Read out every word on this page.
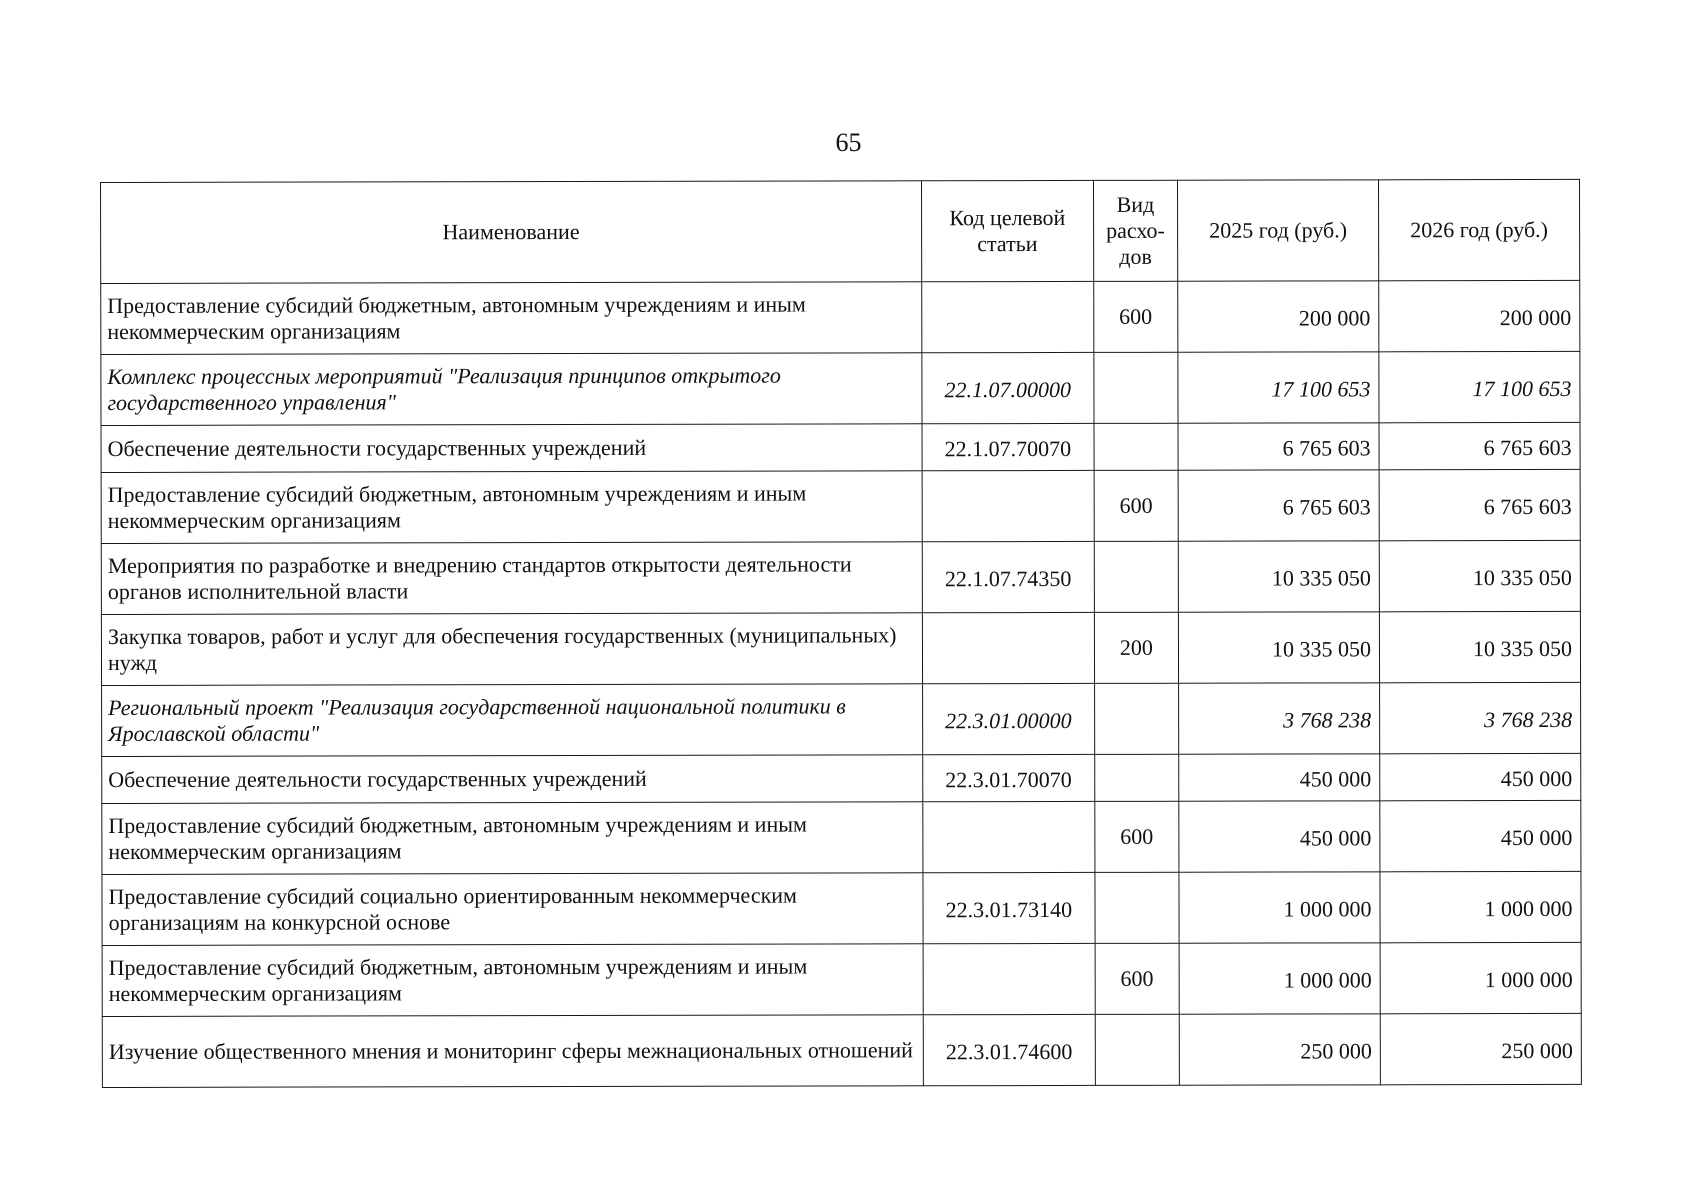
65
Наименование	Код целевой статьи	Вид расхо-дов	2025 год (руб.)	2026 год (руб.)
Предоставление субсидий бюджетным, автономным учреждениям и иным некоммерческим организациям		600	200 000	200 000
Комплекс процессных мероприятий "Реализация принципов открытого государственного управления"	22.1.07.00000		17 100 653	17 100 653
Обеспечение деятельности государственных учреждений	22.1.07.70070		6 765 603	6 765 603
Предоставление субсидий бюджетным, автономным учреждениям и иным некоммерческим организациям		600	6 765 603	6 765 603
Мероприятия по разработке и внедрению стандартов открытости деятельности органов исполнительной власти	22.1.07.74350		10 335 050	10 335 050
Закупка товаров, работ и услуг для обеспечения государственных (муниципальных) нужд		200	10 335 050	10 335 050
Региональный проект "Реализация государственной национальной политики в Ярославской области"	22.3.01.00000		3 768 238	3 768 238
Обеспечение деятельности государственных учреждений	22.3.01.70070		450 000	450 000
Предоставление субсидий бюджетным, автономным учреждениям и иным некоммерческим организациям		600	450 000	450 000
Предоставление субсидий социально ориентированным некоммерческим организациям на конкурсной основе	22.3.01.73140		1 000 000	1 000 000
Предоставление субсидий бюджетным, автономным учреждениям и иным некоммерческим организациям		600	1 000 000	1 000 000
Изучение общественного мнения и мониторинг сферы межнациональных отношений	22.3.01.74600		250 000	250 000
